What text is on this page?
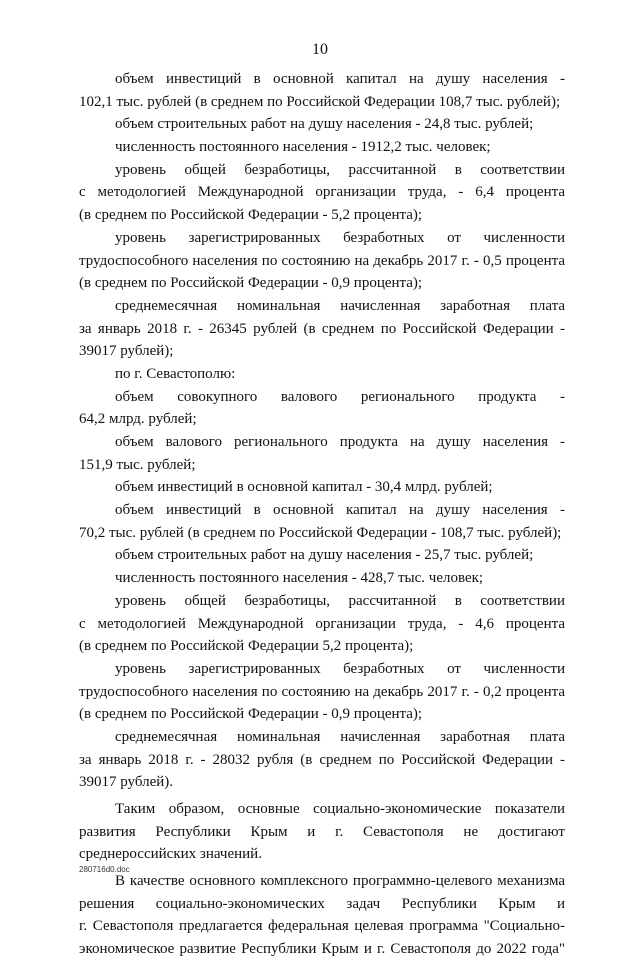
10
объем инвестиций в основной капитал на душу населения -
102,1 тыс. рублей (в среднем по Российской Федерации 108,7 тыс. рублей);
объем строительных работ на душу населения - 24,8 тыс. рублей;
численность постоянного населения - 1912,2 тыс. человек;
уровень общей безработицы, рассчитанной в соответствии
с методологией Международной организации труда, - 6,4 процента
(в среднем по Российской Федерации - 5,2 процента);
уровень зарегистрированных безработных от численности
трудоспособного населения по состоянию на декабрь 2017 г. - 0,5 процента
(в среднем по Российской Федерации - 0,9 процента);
среднемесячная номинальная начисленная заработная плата
за январь 2018 г. - 26345 рублей (в среднем по Российской Федерации -
39017 рублей);
по г. Севастополю:
объем совокупного валового регионального продукта -
64,2 млрд. рублей;
объем валового регионального продукта на душу населения -
151,9 тыс. рублей;
объем инвестиций в основной капитал - 30,4 млрд. рублей;
объем инвестиций в основной капитал на душу населения -
70,2 тыс. рублей (в среднем по Российской Федерации - 108,7 тыс. рублей);
объем строительных работ на душу населения - 25,7 тыс. рублей;
численность постоянного населения - 428,7 тыс. человек;
уровень общей безработицы, рассчитанной в соответствии
с методологией Международной организации труда, - 4,6 процента
(в среднем по Российской Федерации 5,2 процента);
уровень зарегистрированных безработных от численности
трудоспособного населения по состоянию на декабрь 2017 г. - 0,2 процента
(в среднем по Российской Федерации - 0,9 процента);
среднемесячная номинальная начисленная заработная плата
за январь 2018 г. - 28032 рубля (в среднем по Российской Федерации -
39017 рублей).
Таким образом, основные социально-экономические показатели
развития Республики Крым и г. Севастополя не достигают
среднероссийских значений.
В качестве основного комплексного программно-целевого механизма
решения социально-экономических задач Республики Крым и
г. Севастополя предлагается федеральная целевая программа "Социально-
экономическое развитие Республики Крым и г. Севастополя до 2022 года"
280716d0.doc
